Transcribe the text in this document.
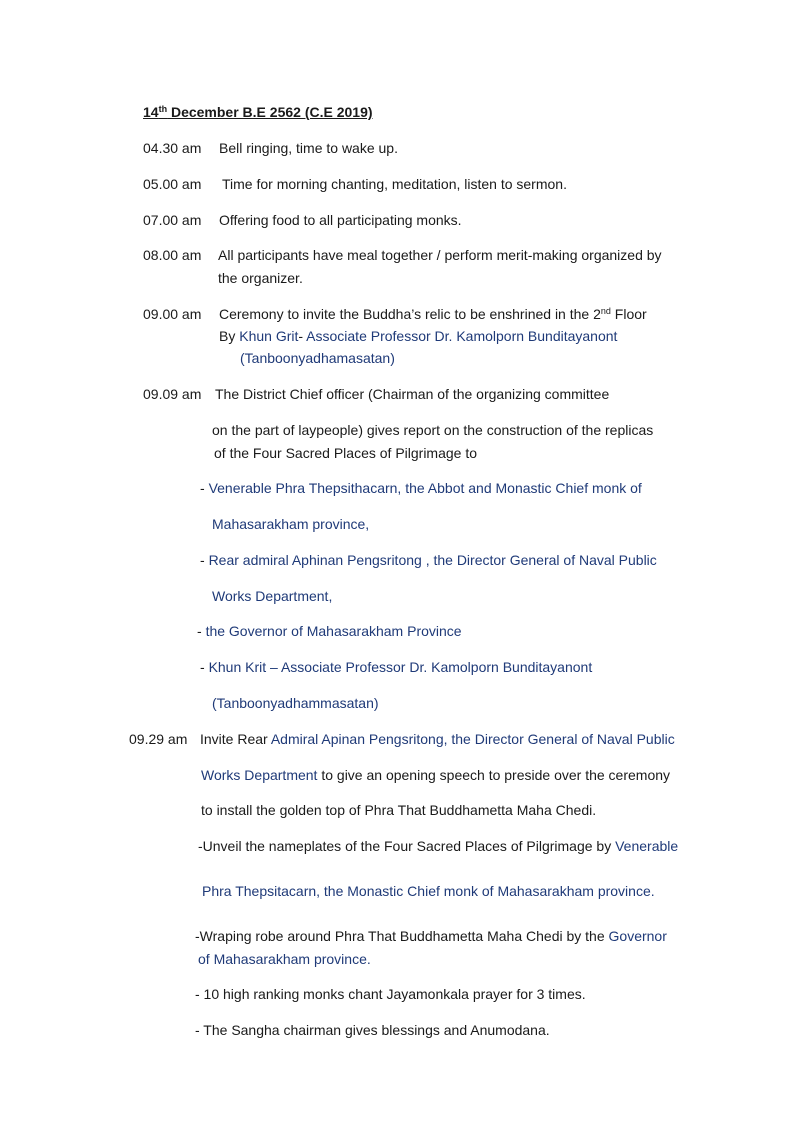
14th December B.E 2562 (C.E 2019)
04.30 am Bell ringing, time to wake up.
05.00 am Time for morning chanting, meditation, listen to sermon.
07.00 am Offering food to all participating monks.
08.00 am All participants have meal together / perform merit-making organized by
the organizer.
09.00 am Ceremony to invite the Buddha’s relic to be enshrined in the 2nd Floor
By Khun Grit- Associate Professor Dr. Kamolporn Bunditayanont
(Tanboonyadhamasatan)
09.09 am The District Chief officer (Chairman of the organizing committee
on the part of laypeople) gives report on the construction of the replicas
of the Four Sacred Places of Pilgrimage to
- Venerable Phra Thepsithacarn, the Abbot and Monastic Chief monk of
Mahasarakham province,
- Rear admiral Aphinan Pengsritong , the Director General of Naval Public
Works Department,
- the Governor of Mahasarakham Province
- Khun Krit – Associate Professor Dr. Kamolporn Bunditayanont
(Tanboonyadhammasatan)
09.29 am Invite Rear Admiral Apinan Pengsritong, the Director General of Naval Public
Works Department to give an opening speech to preside over the ceremony
to install the golden top of Phra That Buddhametta Maha Chedi.
-Unveil the nameplates of the Four Sacred Places of Pilgrimage by Venerable
Phra Thepsitacarn, the Monastic Chief monk of Mahasarakham province.
-Wraping robe around Phra That Buddhametta Maha Chedi by the Governor
of Mahasarakham province.
- 10 high ranking monks chant Jayamonkala prayer for 3 times.
- The Sangha chairman gives blessings and Anumodana.
